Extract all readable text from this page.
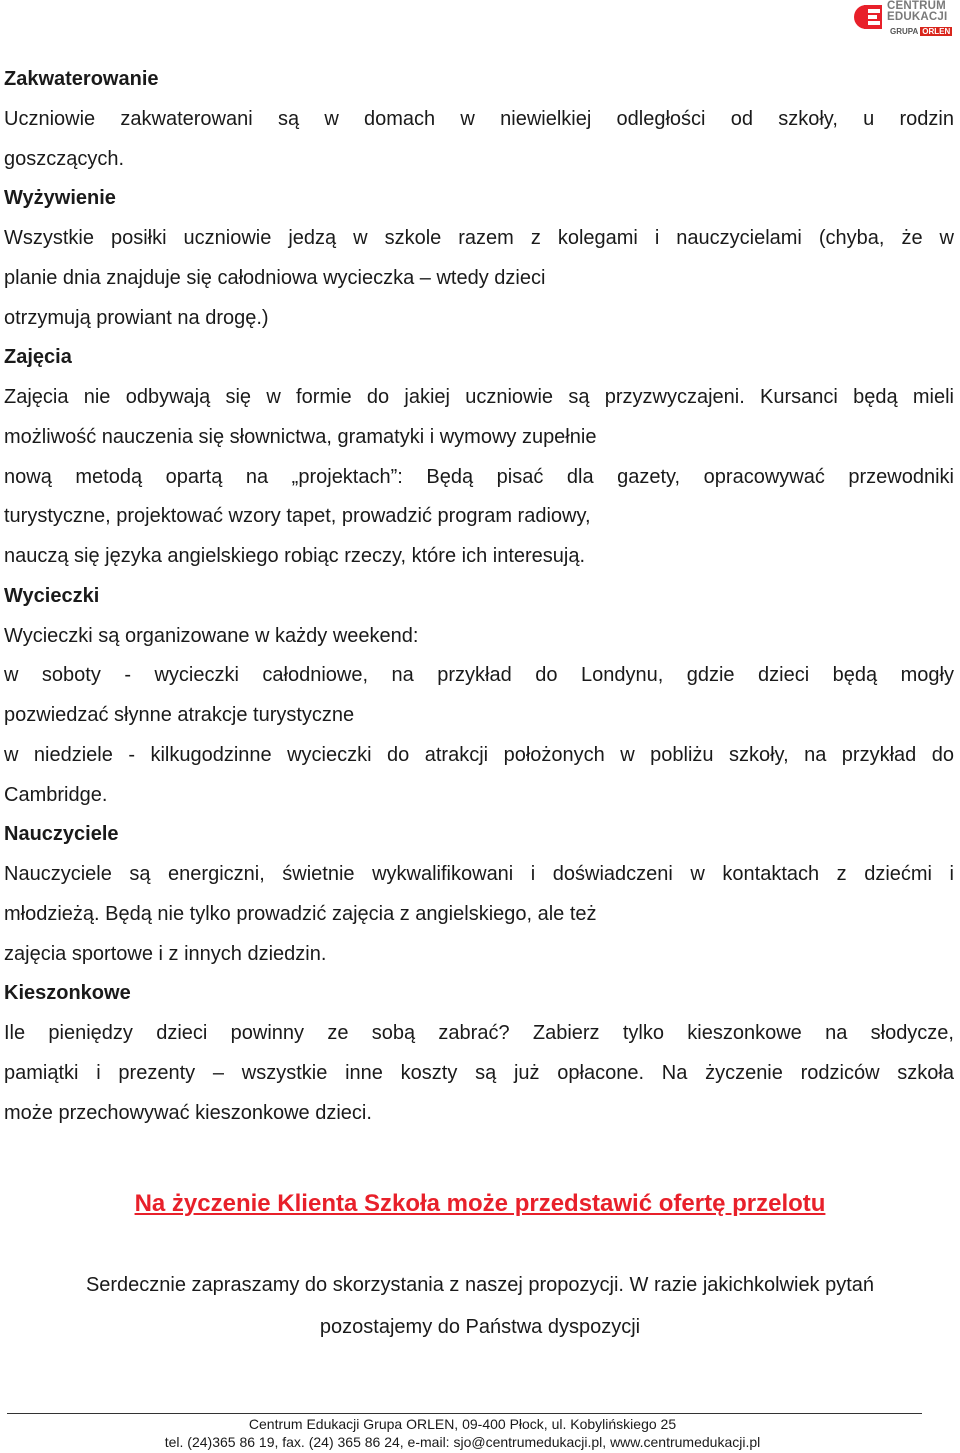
CENTRUM
EDUKACJI
GRUPA ORLEN
Zakwaterowanie
Uczniowie zakwaterowani są w domach w niewielkiej odległości od szkoły, u rodzin
goszczących.
Wyżywienie
Wszystkie posiłki uczniowie jedzą w szkole razem z kolegami i nauczycielami (chyba, że w
planie dnia znajduje się całodniowa wycieczka – wtedy dzieci
otrzymują prowiant na drogę.)
Zajęcia
Zajęcia nie odbywają się w formie do jakiej uczniowie są przyzwyczajeni. Kursanci będą mieli
możliwość nauczenia się słownictwa, gramatyki i wymowy zupełnie
nową metodą opartą na „projektach”: Będą pisać dla gazety, opracowywać przewodniki
turystyczne, projektować wzory tapet, prowadzić program radiowy,
nauczą się języka angielskiego robiąc rzeczy, które ich interesują.
Wycieczki
Wycieczki są organizowane w każdy weekend:
w soboty - wycieczki całodniowe, na przykład do Londynu, gdzie dzieci będą mogły
pozwiedzać słynne atrakcje turystyczne
w niedziele - kilkugodzinne wycieczki do atrakcji położonych w pobliżu szkoły, na przykład do
Cambridge.
Nauczyciele
Nauczyciele są energiczni, świetnie wykwalifikowani i doświadczeni w kontaktach z dziećmi i
młodzieżą. Będą nie tylko prowadzić zajęcia z angielskiego, ale też
zajęcia sportowe i z innych dziedzin.
Kieszonkowe
Ile pieniędzy dzieci powinny ze sobą zabrać? Zabierz tylko kieszonkowe na słodycze,
pamiątki i prezenty – wszystkie inne koszty są już opłacone. Na życzenie rodziców szkoła
może przechowywać kieszonkowe dzieci.
Na życzenie Klienta Szkoła może przedstawić ofertę przelotu
Serdecznie zapraszamy do skorzystania z naszej propozycji. W razie jakichkolwiek pytań
pozostajemy do Państwa dyspozycji
Centrum Edukacji Grupa ORLEN, 09-400 Płock, ul. Kobylińskiego 25
tel. (24)365 86 19, fax. (24) 365 86 24, e-mail: sjo@centrumedukacji.pl, www.centrumedukacji.pl
